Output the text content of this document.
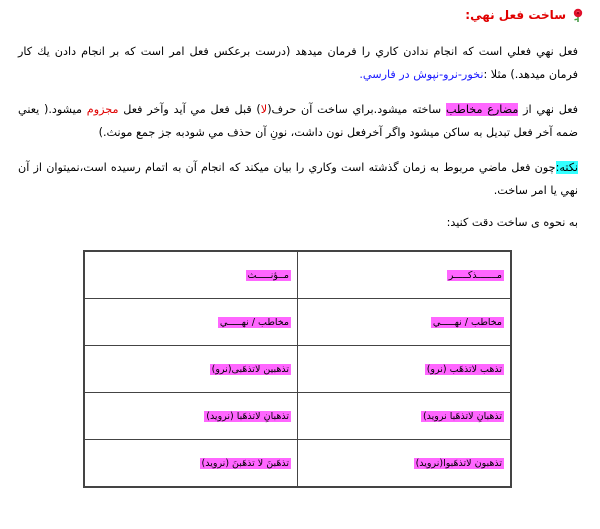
ساخت فعل نهي:

فعل نهي فعلي است كه انجام ندادن كاري را فرمان ميدهد (درست برعكس فعل امر است كه بر انجام دادن يك كار فرمان ميدهد.) مثلا :نخور-نرو-نپوش در فارسي.

فعل نهي از مضارع مخاطب ساخته ميشود.براي ساخت آن حرف(لا) قبل فعل مي آيد وآخر فعل مجزوم ميشود.( يعني ضمه آخر فعل تبديل به ساكن ميشود واگر آخرفعل نون داشت، نونِ آن حذف مي شودبه جز جمع مونث.)

نكته:چون فعل ماضي مربوط به زمان گذشته است وكاري را بيان ميكند كه انجام آن به اتمام رسيده است،نميتوان از آن نهي يا امر ساخت.

به نحوه ى ساخت دقت كنيد:
مـــــــذكـــــر	مــؤنـــــث
مخاطب / نهـــــي	مخاطب / نهـــــي
تذهب لاتذهَب (نرو)	تذهبين لاتذهَبى(نرو)
تذهبانِ لاتذهَبا نروید)	تذهبانِ لاتذهَبا (نروید)
تذهبون لاتذهَبوا(نروید)	تذهَبنَ لا تذهَبنَ (نروید)
